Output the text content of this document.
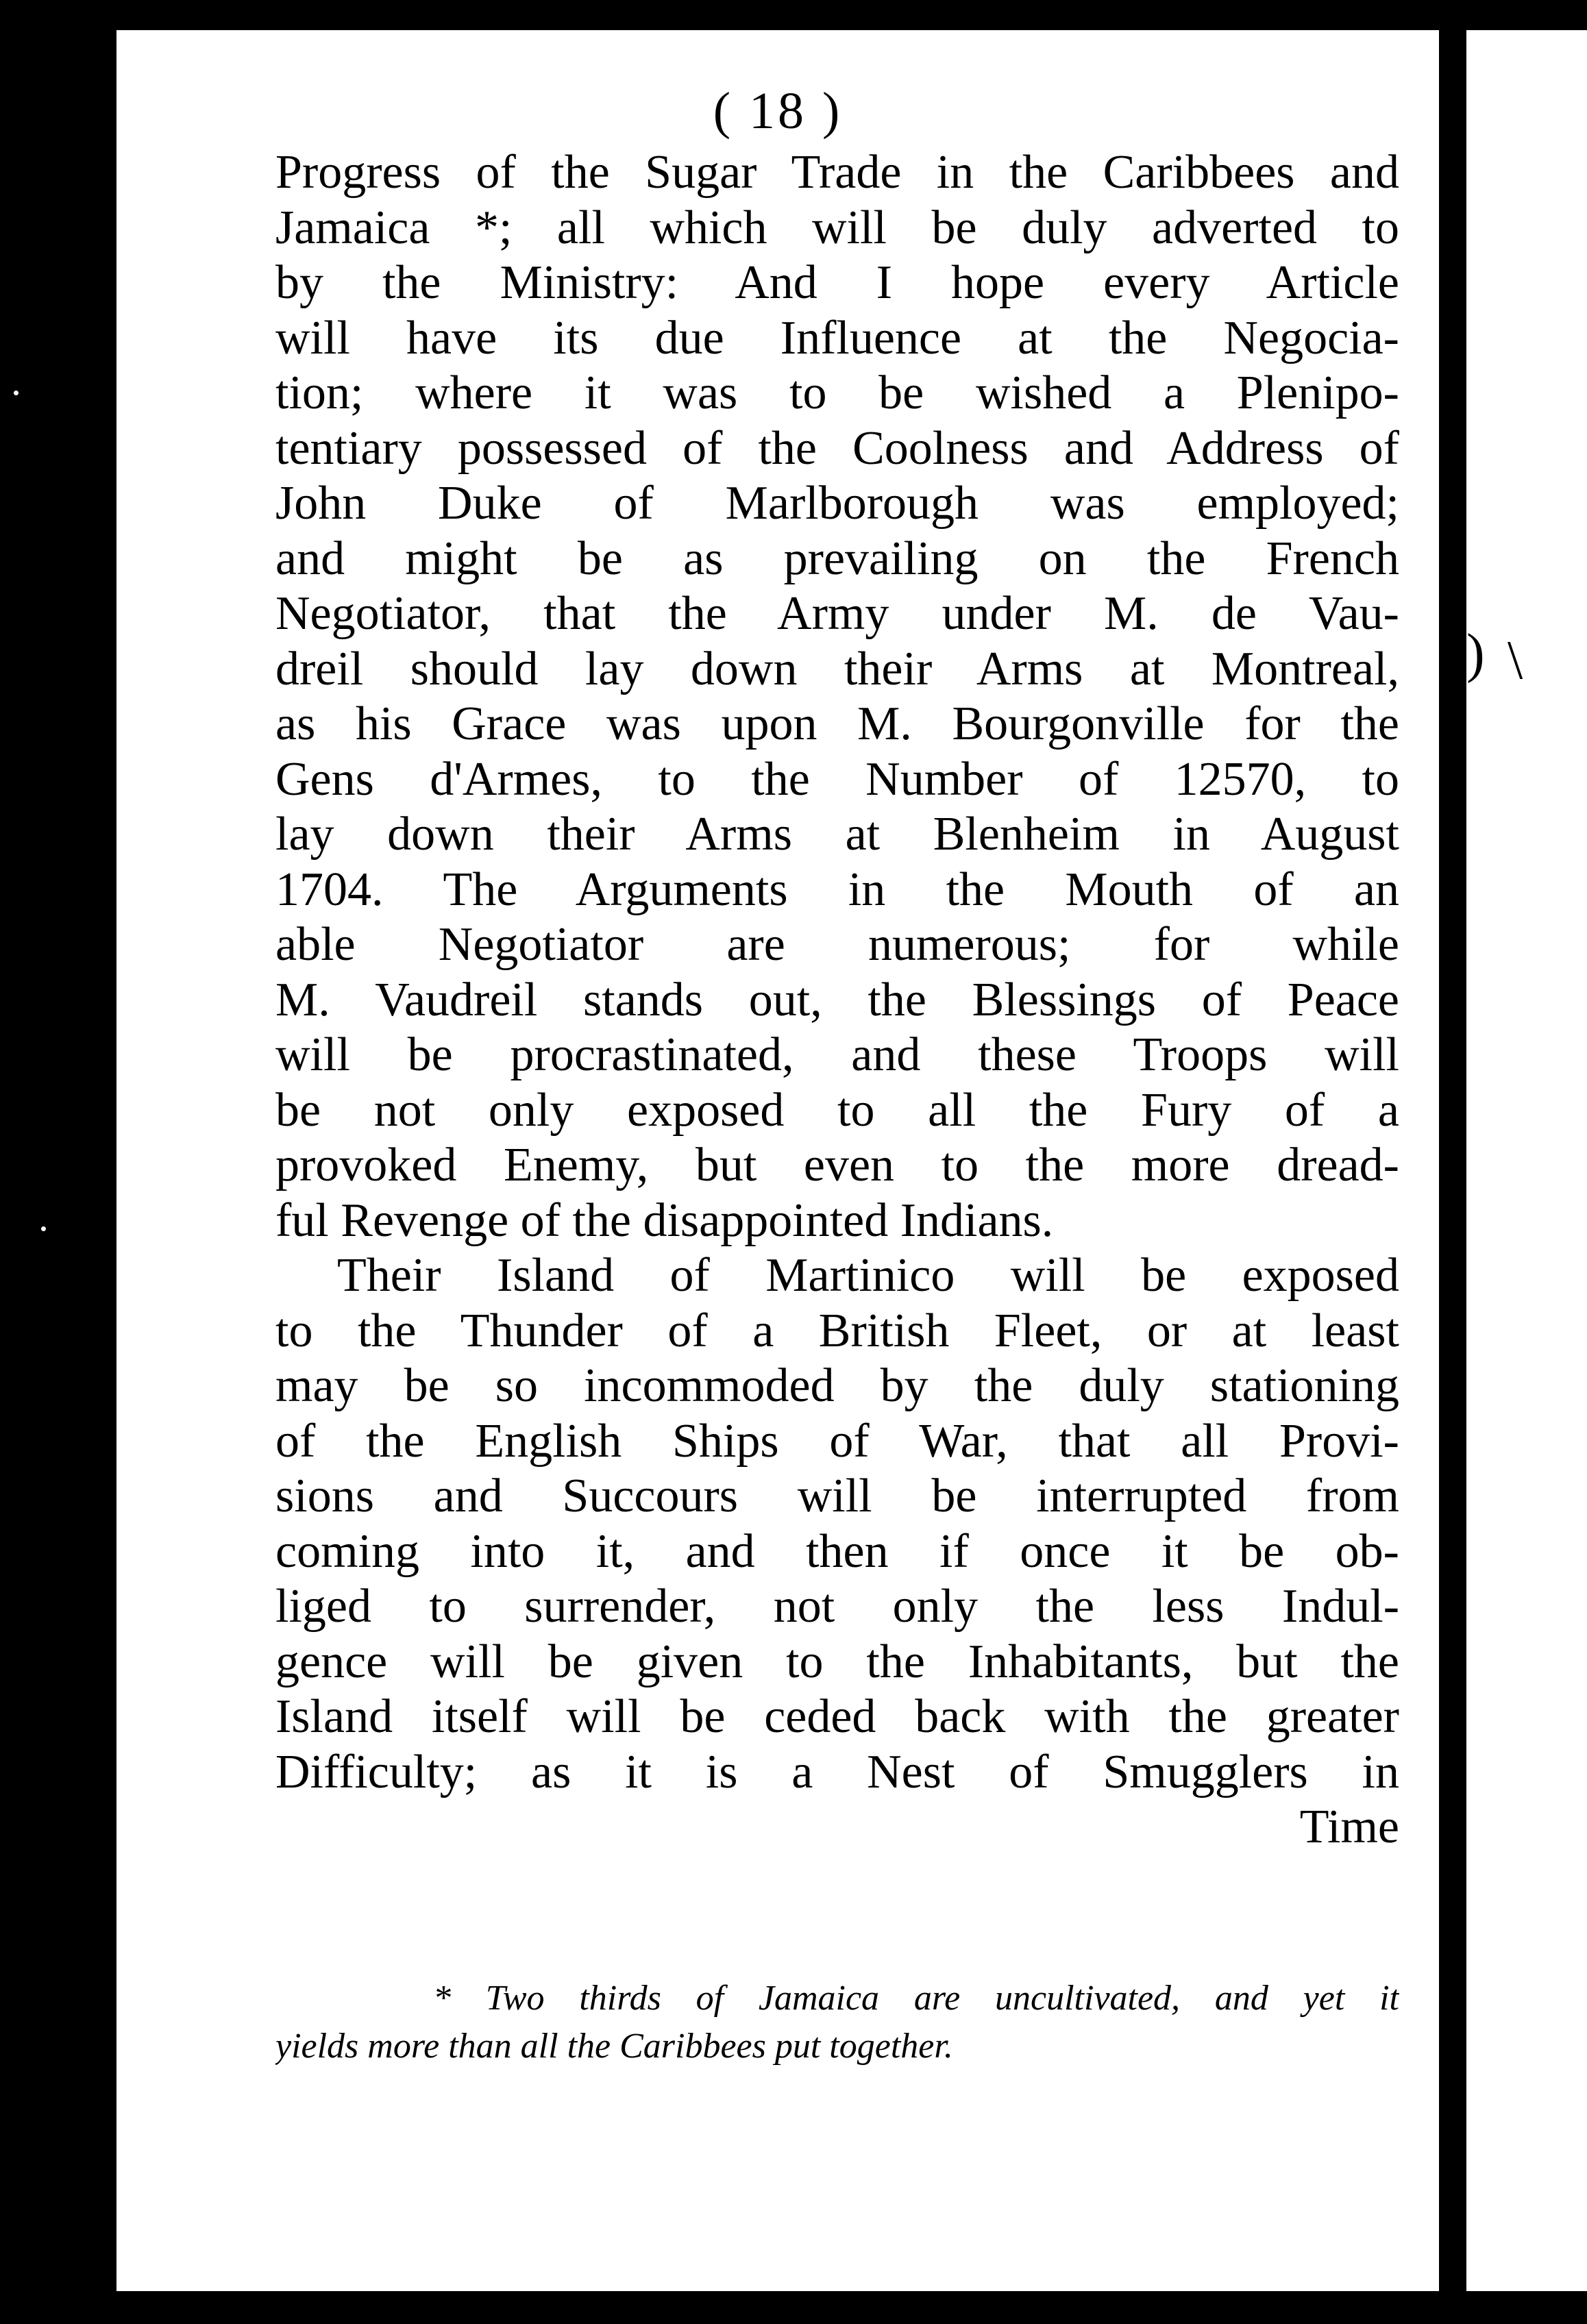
( 18 )
Progress of the Sugar Trade in the Caribbees and
Jamaica *; all which will be duly adverted to
by the Ministry: And I hope every Article
will have its due Influence at the Negocia-
tion; where it was to be wished a Plenipo-
tentiary possessed of the Coolness and Address of
John Duke of Marlborough was employed;
and might be as prevailing on the French
Negotiator, that the Army under M. de Vau-
dreil should lay down their Arms at Montreal,
as his Grace was upon M. Bourgonville for the
Gens d'Armes, to the Number of 12570, to
lay down their Arms at Blenheim in August
1704. The Arguments in the Mouth of an
able Negotiator are numerous; for while
M. Vaudreil stands out, the Blessings of Peace
will be procrastinated, and these Troops will
be not only exposed to all the Fury of a
provoked Enemy, but even to the more dread-
ful Revenge of the disappointed Indians.
Their Island of Martinico will be exposed
to the Thunder of a British Fleet, or at least
may be so incommoded by the duly stationing
of the English Ships of War, that all Provi-
sions and Succours will be interrupted from
coming into it, and then if once it be ob-
liged to surrender, not only the less Indul-
gence will be given to the Inhabitants, but the
Island itself will be ceded back with the greater
Difficulty; as it is a Nest of Smugglers in
Time
* Two thirds of Jamaica are uncultivated, and yet it
yields more than all the Caribbees put together.
) \
